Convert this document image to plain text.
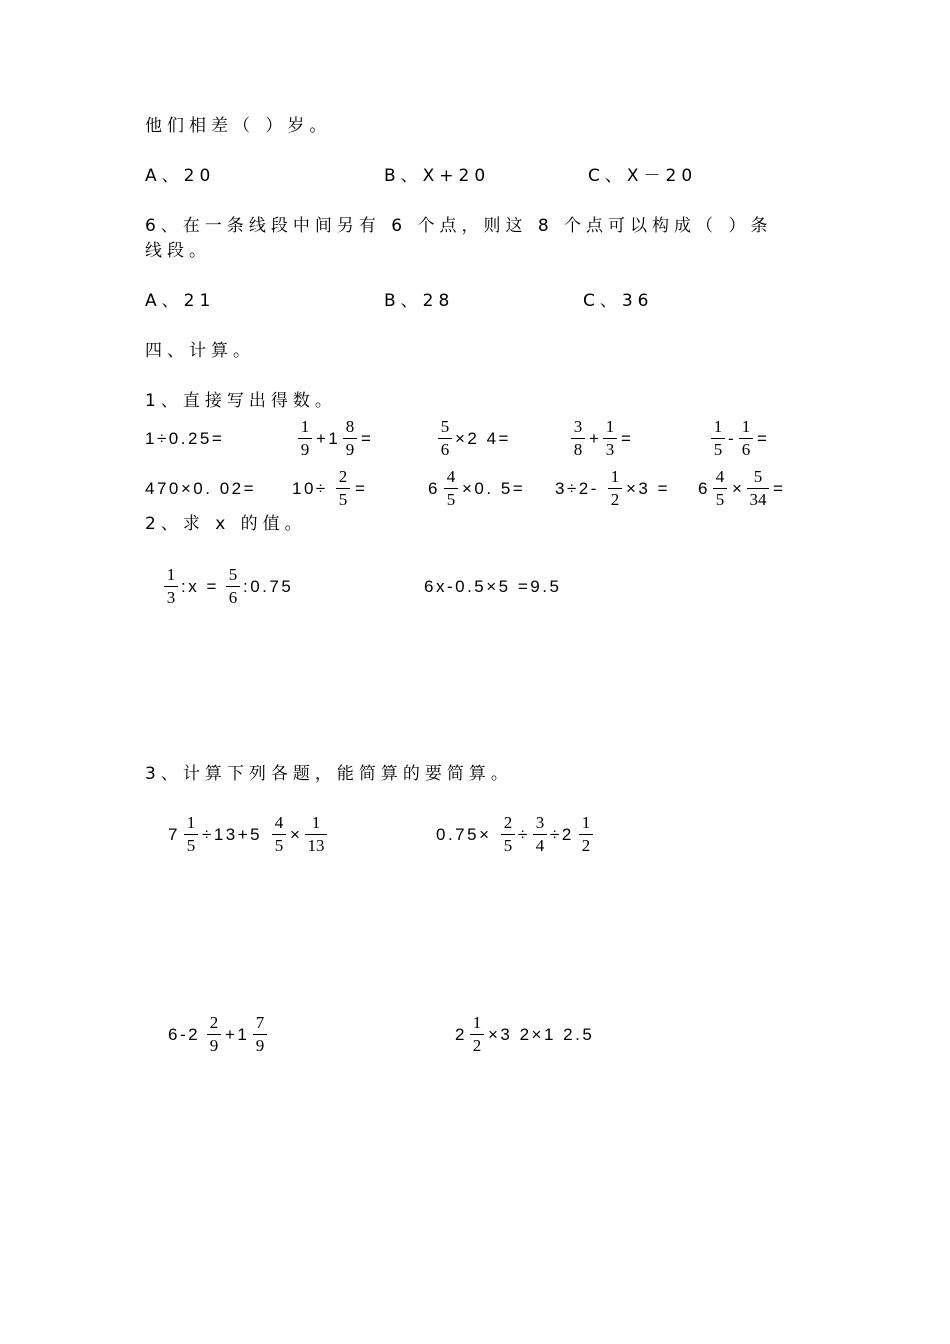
他们相差（ ）岁。
A、20	B、X+20	C、X－20
6、在一条线段中间另有 6 个点，则这 8 个点可以构成（ ）条
线段。
A、21	B、28	C、36
四、计算。
1、直接写出得数。
1÷0.25=
1
9
+1
8
9
=
5
6
×2 4=
3
8
+
1
3
=
1
5
-
1
6
=
470×0. 02= 10÷
2
5
=	6
4
5
×0. 5= 3÷2-
1
2
×3 = 6
4
5
×
5
34
=
2、求 x 的值。
1
3
:x =
5
6
:0.75	6x-0.5×5 =9.5
3、计算下列各题，能简算的要简算。
7
1
5
÷13+5
4
5
×
1
13
0.75×
2
5
÷
3
4
÷2
1
2
6-2
2
9
+1
7
9
2
1
2
×3 2×1 2.5
